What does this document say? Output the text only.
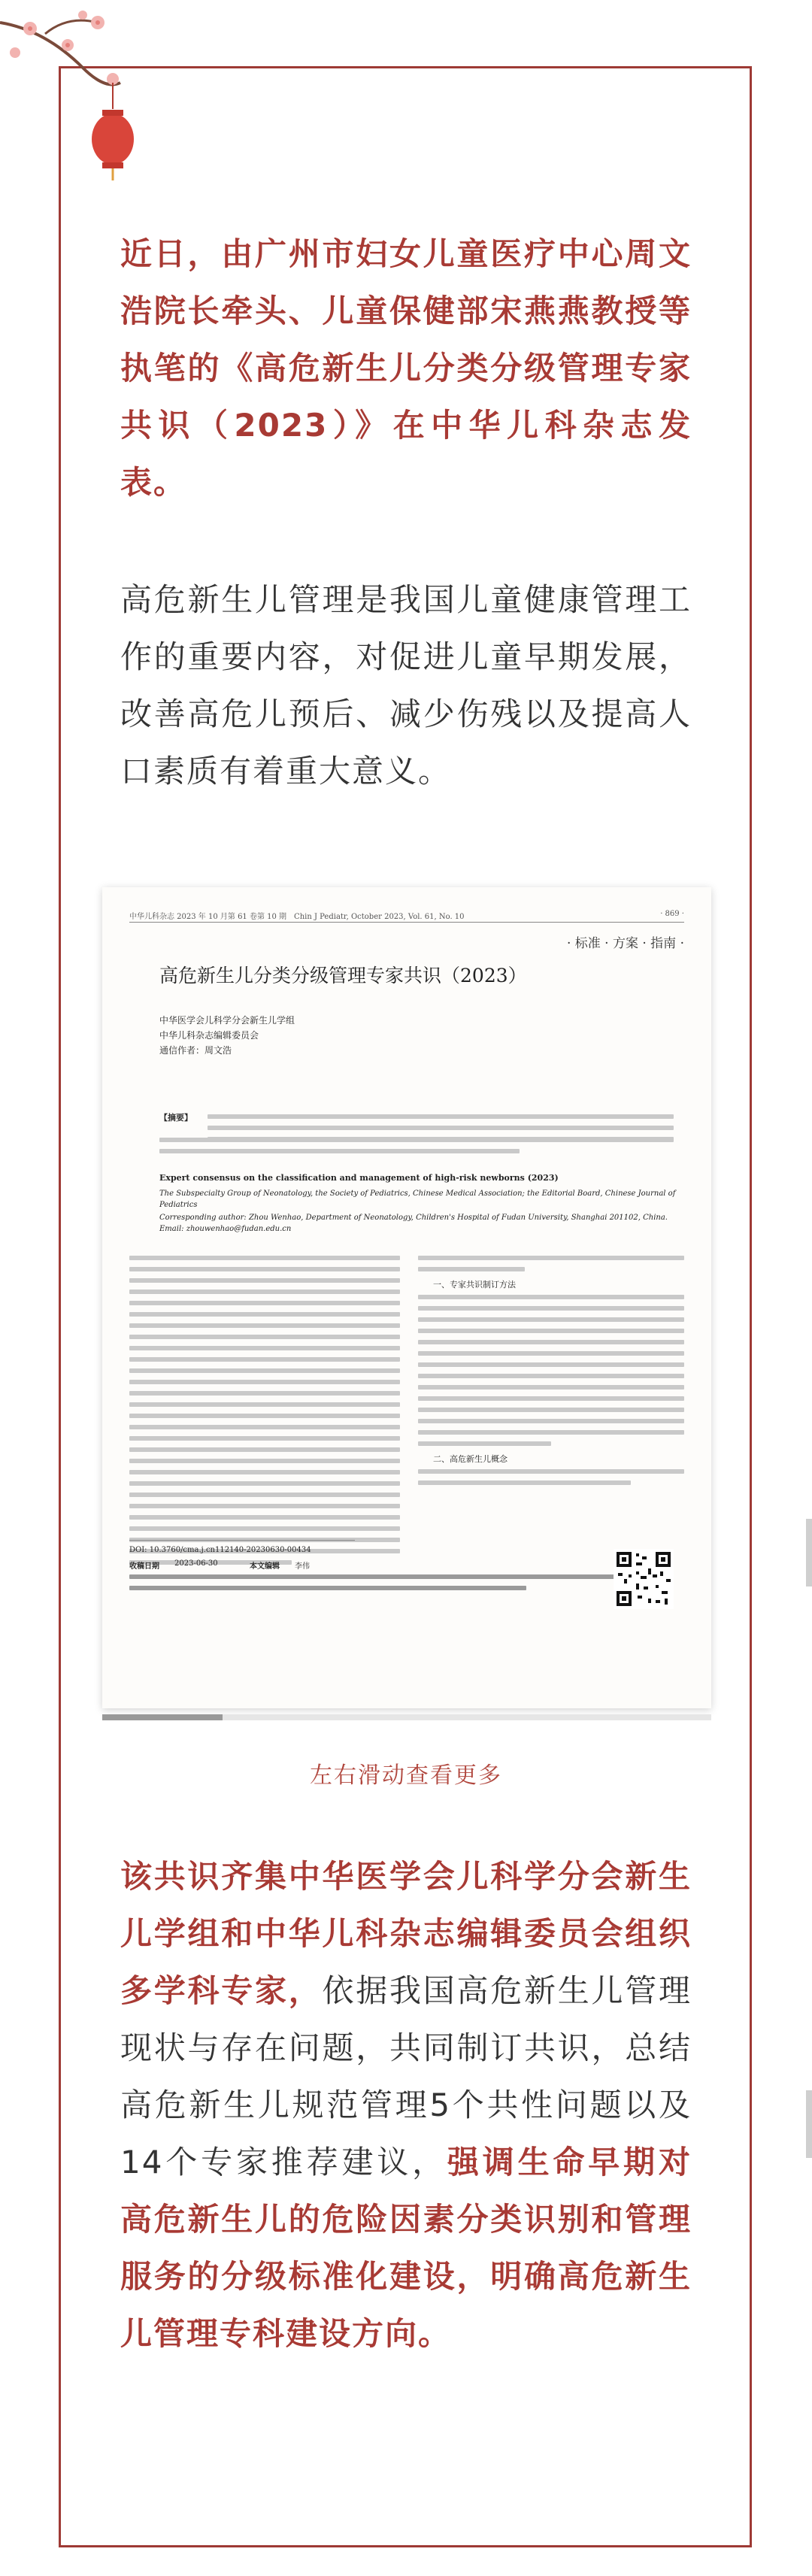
近日，由广州市妇女儿童医疗中心周文浩院长牵头、儿童保健部宋燕燕教授等执笔的《高危新生儿分类分级管理专家共识（2023）》在中华儿科杂志发表。

高危新生儿管理是我国儿童健康管理工作的重要内容，对促进儿童早期发展，改善高危儿预后、减少伤残以及提高人口素质有着重大意义。

中华儿科杂志 2023 年 10 月第 61 卷第 10 期　Chin J Pediatr, October 2023, Vol. 61, No. 10	· 869 ·
· 标准 · 方案 · 指南 ·
高危新生儿分类分级管理专家共识（2023）
中华医学会儿科学分会新生儿学组
中华儿科杂志编辑委员会
通信作者：周文浩
【摘要】
Expert consensus on the classification and management of high-risk newborns (2023)
The Subspecialty Group of Neonatology, the Society of Pediatrics, Chinese Medical Association; the Editorial Board, Chinese Journal of Pediatrics
Corresponding author: Zhou Wenhao, Department of Neonatology, Children's Hospital of Fudan University, Shanghai 201102, China. Email: zhouwenhao@fudan.edu.cn
一、专家共识制订方法
二、高危新生儿概念
DOI: 10.3760/cma.j.cn112140-20230630-00434
收稿日期 2023-06-30	本文编辑 李伟
左右滑动查看更多

该共识齐集中华医学会儿科学分会新生儿学组和中华儿科杂志编辑委员会组织多学科专家，依据我国高危新生儿管理现状与存在问题，共同制订共识，总结高危新生儿规范管理5个共性问题以及14个专家推荐建议，强调生命早期对高危新生儿的危险因素分类识别和管理服务的分级标准化建设，明确高危新生儿管理专科建设方向。
